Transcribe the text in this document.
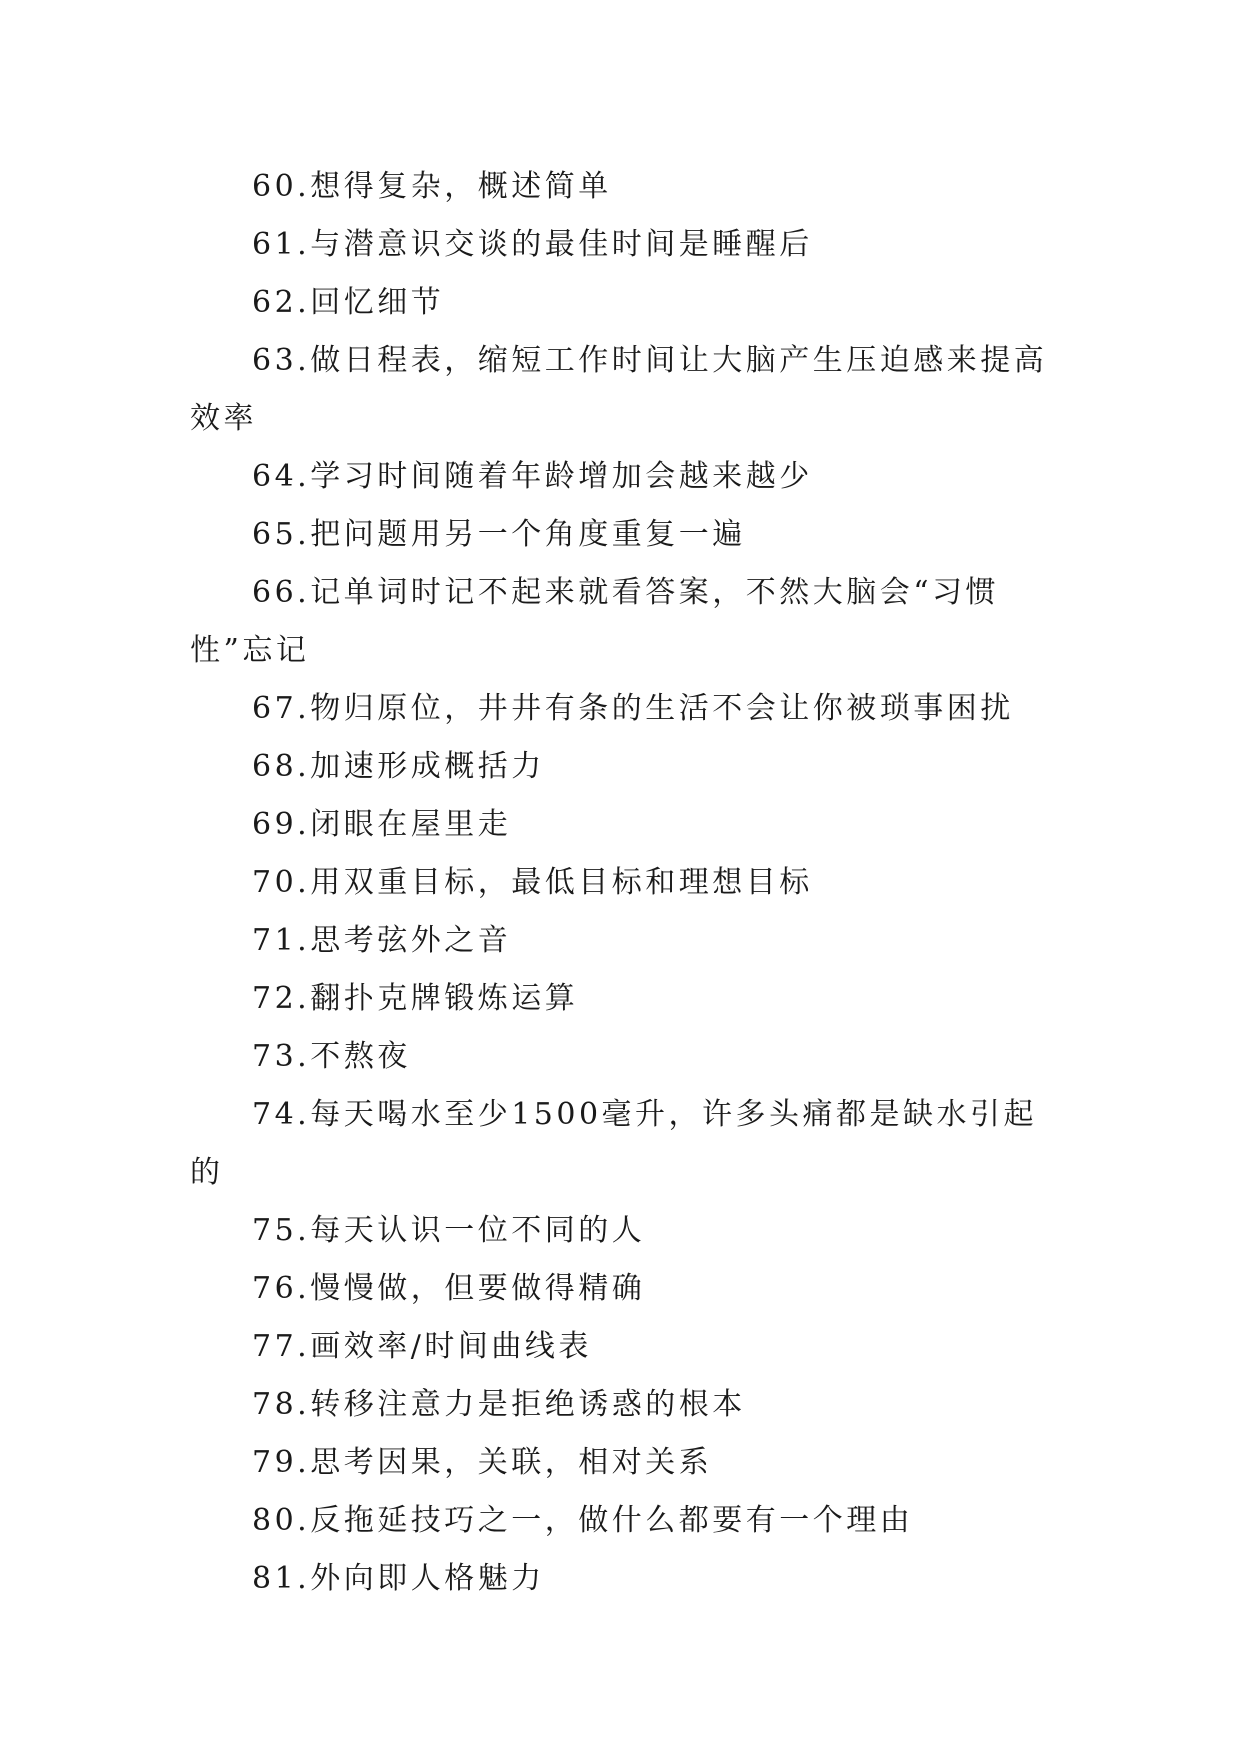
60.想得复杂，概述简单

61.与潜意识交谈的最佳时间是睡醒后

62.回忆细节

63.做日程表，缩短工作时间让大脑产生压迫感来提高效率

64.学习时间随着年龄增加会越来越少

65.把问题用另一个角度重复一遍

66.记单词时记不起来就看答案，不然大脑会“习惯性”忘记

67.物归原位，井井有条的生活不会让你被琐事困扰

68.加速形成概括力

69.闭眼在屋里走

70.用双重目标，最低目标和理想目标

71.思考弦外之音

72.翻扑克牌锻炼运算

73.不熬夜

74.每天喝水至少1500毫升，许多头痛都是缺水引起的

75.每天认识一位不同的人

76.慢慢做，但要做得精确

77.画效率/时间曲线表

78.转移注意力是拒绝诱惑的根本

79.思考因果，关联，相对关系

80.反拖延技巧之一，做什么都要有一个理由

81.外向即人格魅力
